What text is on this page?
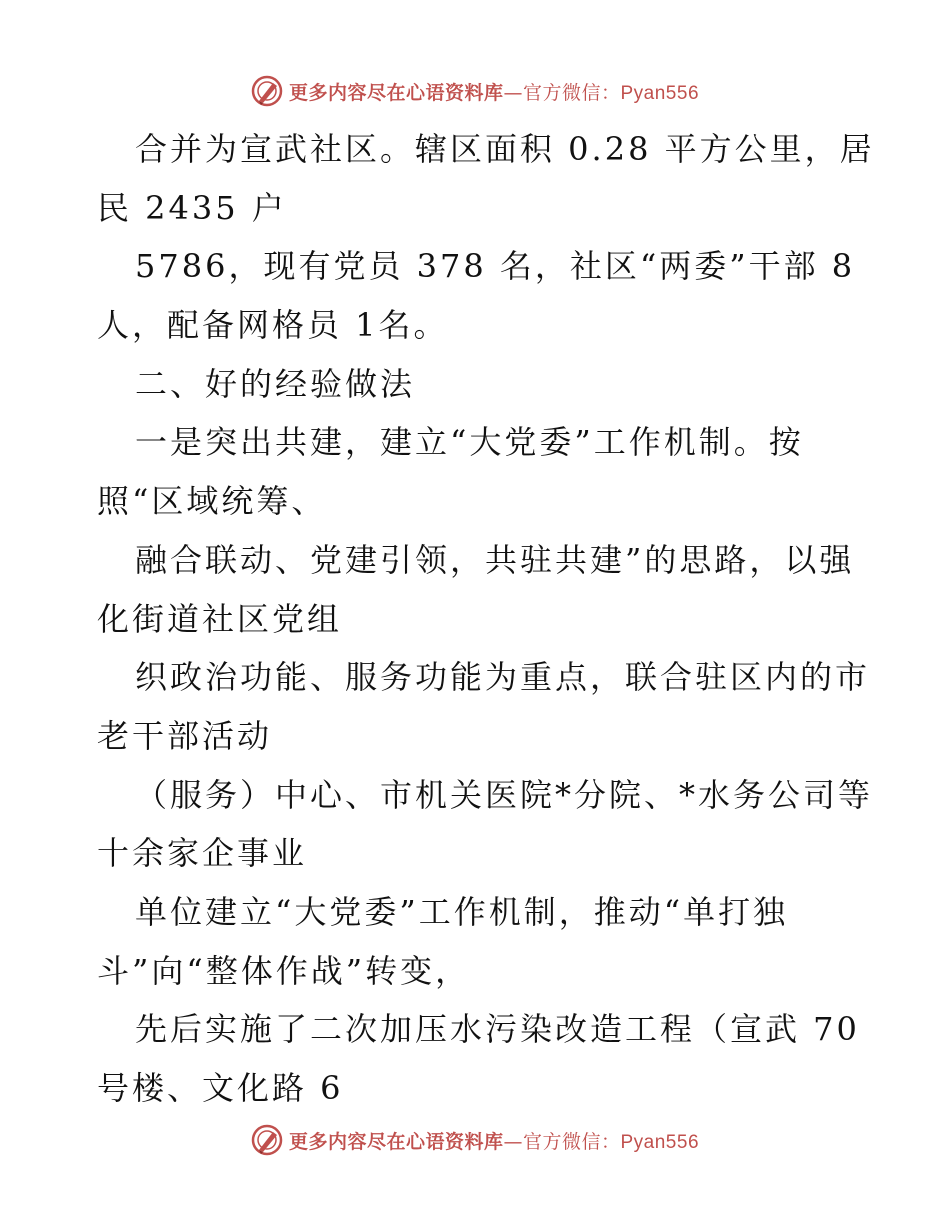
更多内容尽在心语资料库—官方微信：Pyan556
合并为宣武社区。辖区面积 0.28 平方公里，居
民 2435 户
5786，现有党员 378 名，社区“两委”干部 8
人，配备网格员 1名。
二、好的经验做法
一是突出共建，建立“大党委”工作机制。按
照“区域统筹、
融合联动、党建引领，共驻共建”的思路，以强
化街道社区党组
织政治功能、服务功能为重点，联合驻区内的市
老干部活动
（服务）中心、市机关医院*分院、*水务公司等
十余家企事业
单位建立“大党委”工作机制，推动“单打独
斗”向“整体作战”转变，
先后实施了二次加压水污染改造工程（宣武 70
号楼、文化路 6
更多内容尽在心语资料库—官方微信：Pyan556
